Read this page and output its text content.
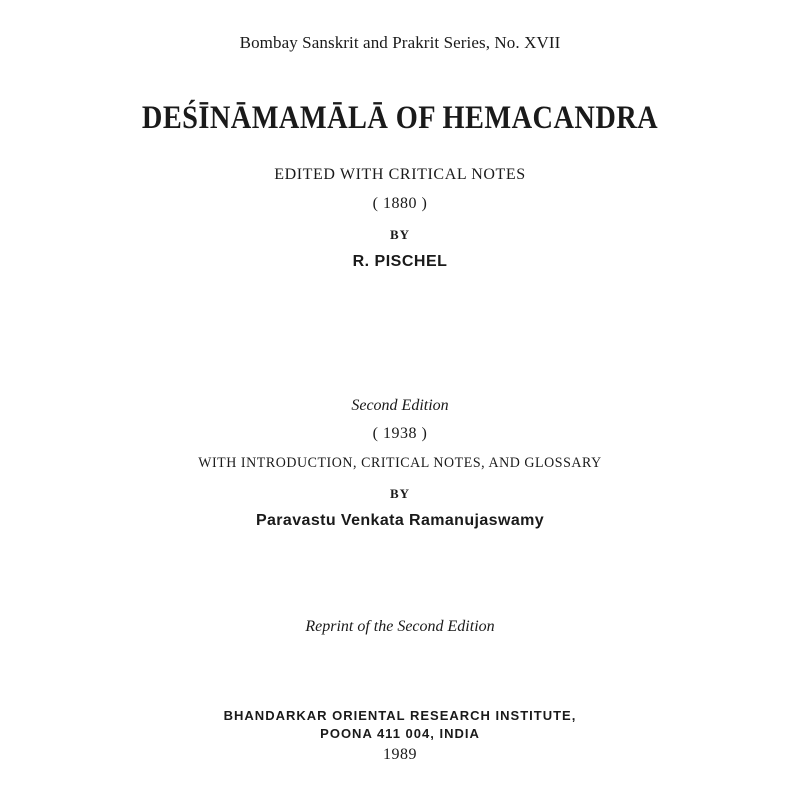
Bombay Sanskrit and Prakrit Series, No. XVII

DEŚĪNĀMAMĀLĀ OF HEMACANDRA

EDITED WITH CRITICAL NOTES

( 1880 )

BY

R. PISCHEL

Second Edition

( 1938 )

WITH INTRODUCTION, CRITICAL NOTES, AND GLOSSARY

BY

Paravastu Venkata Ramanujaswamy

Reprint of the Second Edition

BHANDARKAR ORIENTAL RESEARCH INSTITUTE,

POONA 411 004, INDIA

1989
